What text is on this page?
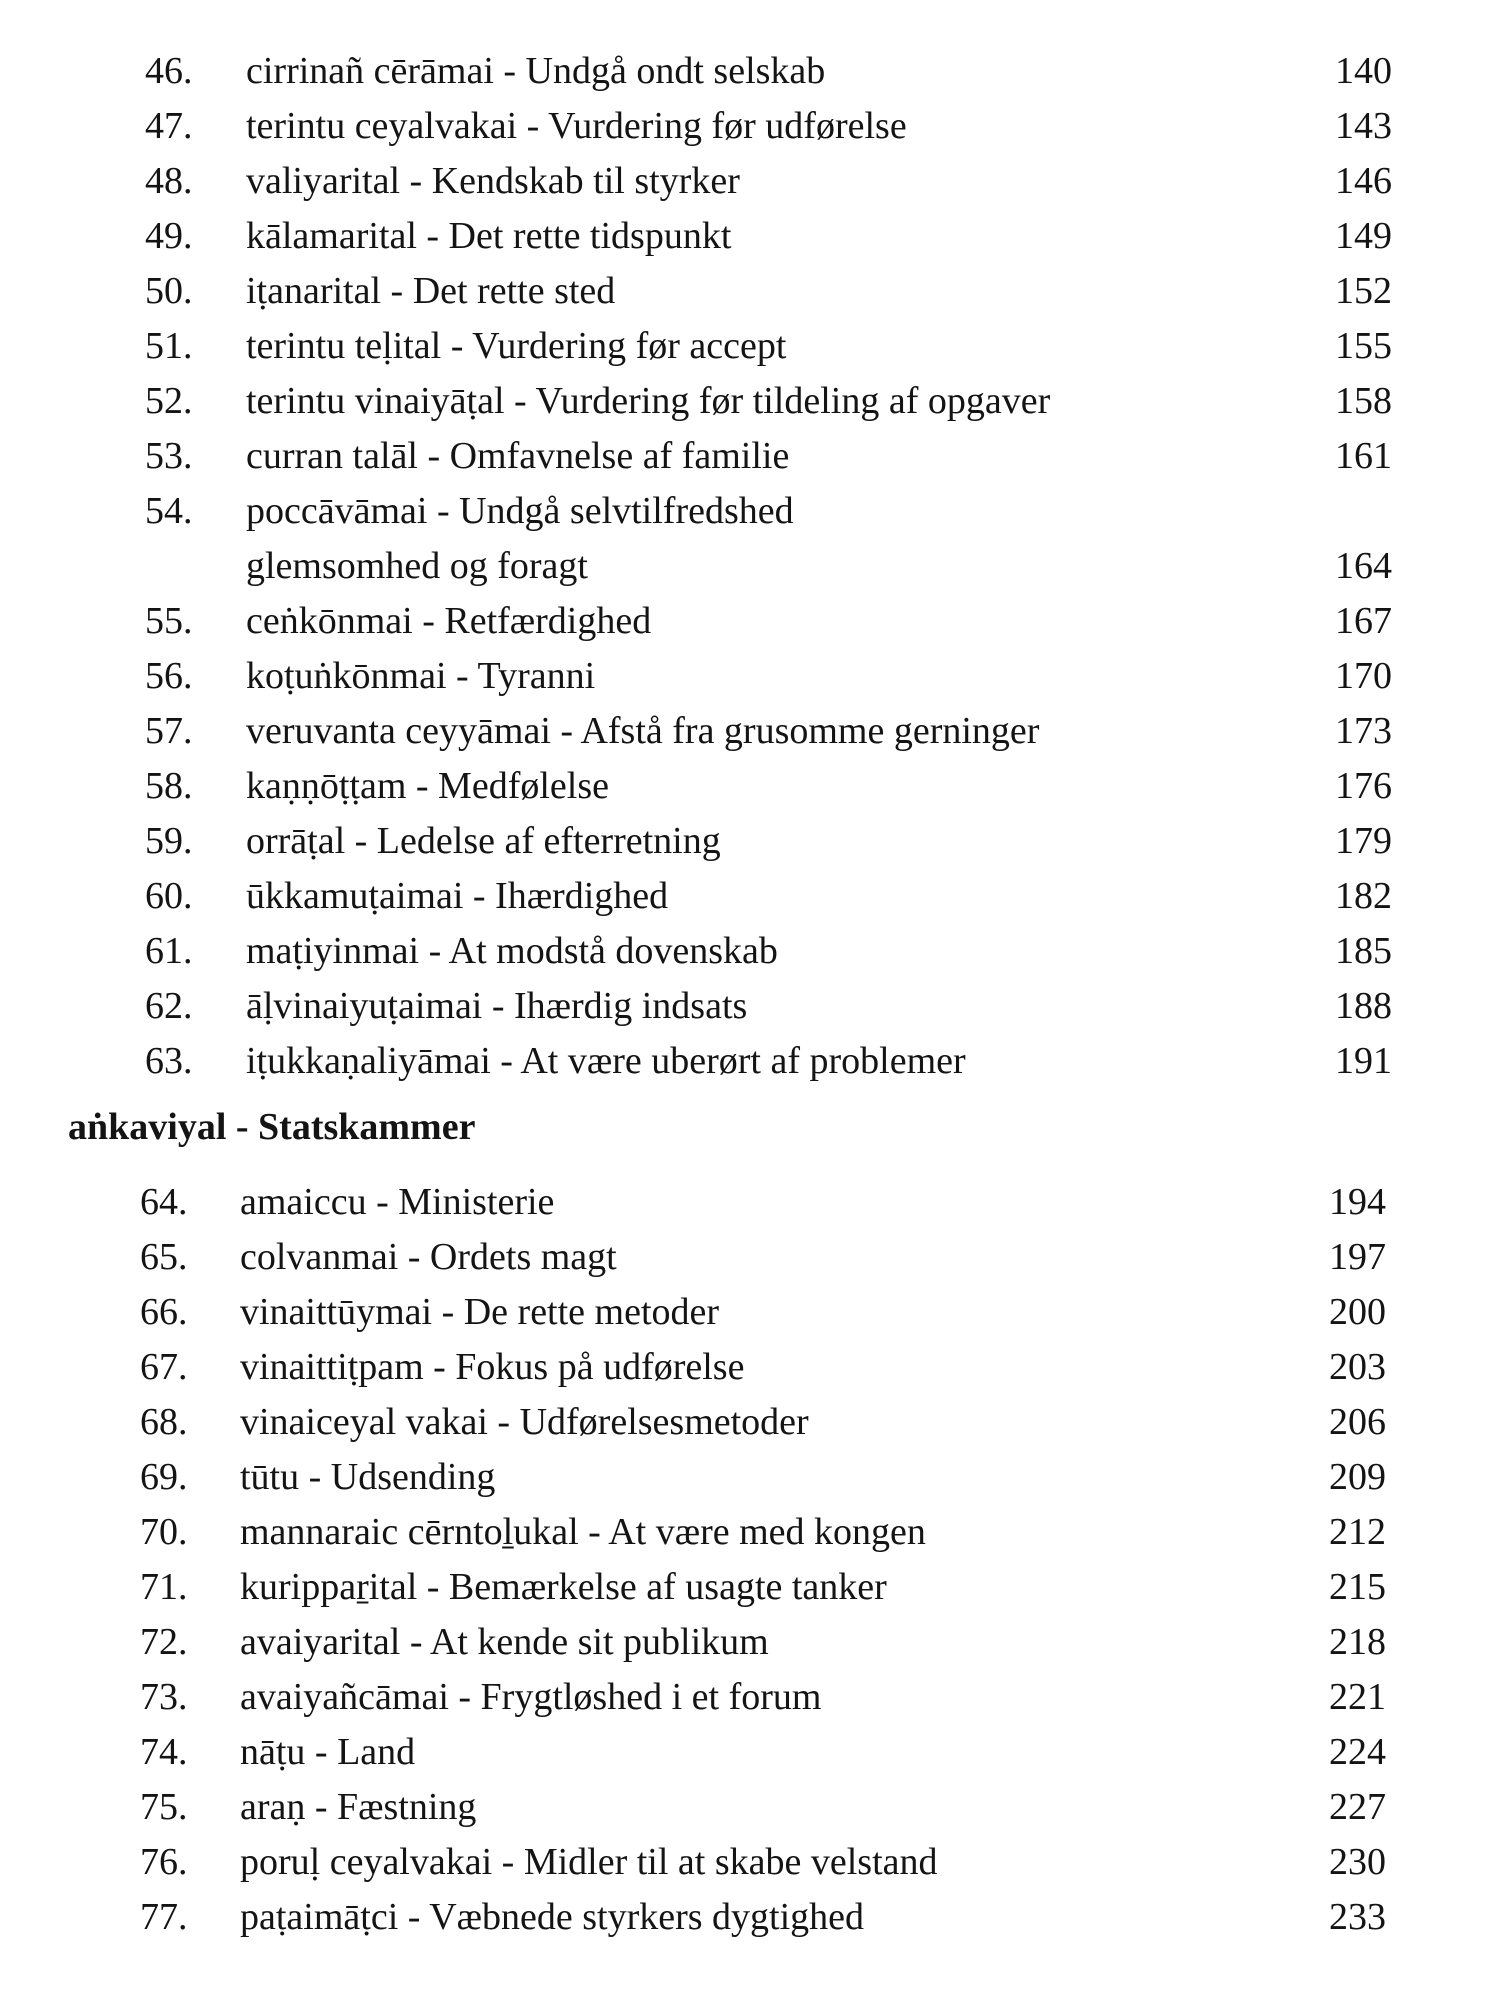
46.	cirrinañ cērāmai - Undgå ondt selskab	140
47.	terintu ceyalvakai - Vurdering før udførelse	143
48.	valiyarital - Kendskab til styrker	146
49.	kālamarital - Det rette tidspunkt	149
50.	iṭanarital - Det rette sted	152
51.	terintu teḷital - Vurdering før accept	155
52.	terintu vinaiyāṭal - Vurdering før tildeling af opgaver	158
53.	curran talāl - Omfavnelse af familie	161
54.	poccāvāmai - Undgå selvtilfredshed glemsomhed og foragt	164
55.	ceṅkōnmai - Retfærdighed	167
56.	koṭuṅkōnmai - Tyranni	170
57.	veruvanta ceyyāmai - Afstå fra grusomme gerninger	173
58.	kaṇṇōṭṭam - Medfølelse	176
59.	orrāṭal - Ledelse af efterretning	179
60.	ūkkamuṭaimai - Ihærdighed	182
61.	maṭiyinmai - At modstå dovenskab	185
62.	āḷvinaiyuṭaimai - Ihærdig indsats	188
63.	iṭukkaṇaliyāmai - At være uberørt af problemer	191
aṅkaviyal - Statskammer
64.	amaiccu - Ministerie	194
65.	colvanmai - Ordets magt	197
66.	vinaittūymai - De rette metoder	200
67.	vinaittiṭpam - Fokus på udførelse	203
68.	vinaiceyal vakai - Udførelsesmetoder	206
69.	tūtu - Udsending	209
70.	mannaraic cērntoḻukal - At være med kongen	212
71.	kurippaṟital - Bemærkelse af usagte tanker	215
72.	avaiyarital - At kende sit publikum	218
73.	avaiyañcāmai - Frygtløshed i et forum	221
74.	nāṭu - Land	224
75.	araṇ - Fæstning	227
76.	poruḷ ceyalvakai - Midler til at skabe velstand	230
77.	paṭaimāṭci - Væbnede styrkers dygtighed	233
